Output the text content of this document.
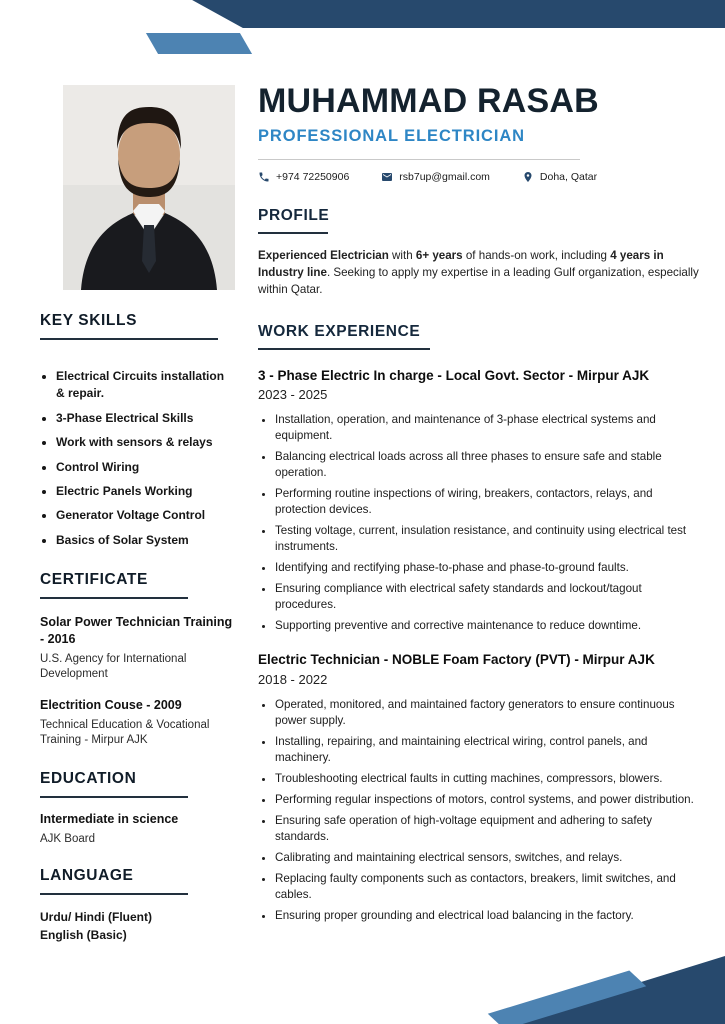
KEY SKILLS
• Electrical Circuits installation & repair.
• 3-Phase Electrical Skills
• Work with sensors & relays
• Control Wiring
• Electric Panels Working
• Generator Voltage Control
• Basics of Solar System
CERTIFICATE
Solar Power Technician Training - 2016
U.S. Agency for International Development
Electrition Couse - 2009
Technical Education & Vocational Training - Mirpur AJK
EDUCATION
Intermediate in science
AJK Board
LANGUAGE
Urdu/ Hindi (Fluent)
English (Basic)
MUHAMMAD RASAB
PROFESSIONAL ELECTRICIAN
+974 72250906	rsb7up@gmail.com	Doha, Qatar
PROFILE

Experienced Electrician with 6+ years of hands-on work, including 4 years in Industry line. Seeking to apply my expertise in a leading Gulf organization, especially within Qatar.

WORK EXPERIENCE
3 - Phase Electric In charge - Local Govt. Sector - Mirpur AJK
2023 - 2025
• Installation, operation, and maintenance of 3-phase electrical systems and equipment.
• Balancing electrical loads across all three phases to ensure safe and stable operation.
• Performing routine inspections of wiring, breakers, contactors, relays, and protection devices.
• Testing voltage, current, insulation resistance, and continuity using electrical test instruments.
• Identifying and rectifying phase-to-phase and phase-to-ground faults.
• Ensuring compliance with electrical safety standards and lockout/tagout procedures.
• Supporting preventive and corrective maintenance to reduce downtime.
Electric Technician - NOBLE Foam Factory (PVT) - Mirpur AJK
2018 - 2022
• Operated, monitored, and maintained factory generators to ensure continuous power supply.
• Installing, repairing, and maintaining electrical wiring, control panels, and machinery.
• Troubleshooting electrical faults in cutting machines, compressors, blowers.
• Performing regular inspections of motors, control systems, and power distribution.
• Ensuring safe operation of high-voltage equipment and adhering to safety standards.
• Calibrating and maintaining electrical sensors, switches, and relays.
• Replacing faulty components such as contactors, breakers, limit switches, and cables.
• Ensuring proper grounding and electrical load balancing in the factory.
